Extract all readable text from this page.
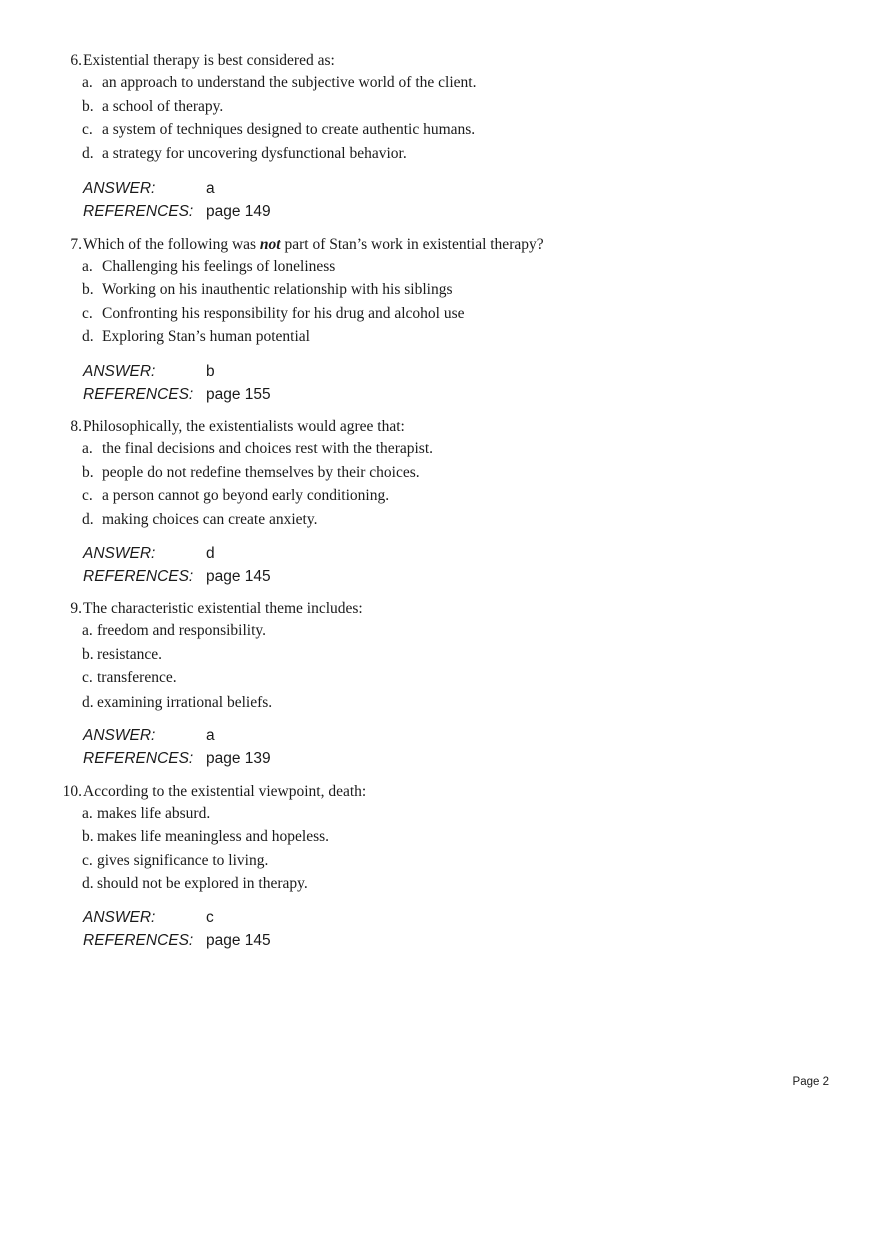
6.Existential therapy is best considered as:
a. an approach to understand the subjective world of the client.
b. a school of therapy.
c. a system of techniques designed to create authentic humans.
d. a strategy for uncovering dysfunctional behavior.
ANSWER:	a
REFERENCES: page 149
7.Which of the following was not part of Stan’s work in existential therapy?
a. Challenging his feelings of loneliness
b. Working on his inauthentic relationship with his siblings
c. Confronting his responsibility for his drug and alcohol use
d. Exploring Stan’s human potential
ANSWER:	b
REFERENCES: page 155
8.Philosophically, the existentialists would agree that:
a. the final decisions and choices rest with the therapist.
b. people do not redefine themselves by their choices.
c. a person cannot go beyond early conditioning.
d. making choices can create anxiety.
ANSWER:	d
REFERENCES: page 145
9.The characteristic existential theme includes:
a. freedom and responsibility.
b. resistance.
c. transference.
d. examining irrational beliefs.
ANSWER:	a
REFERENCES: page 139
10.According to the existential viewpoint, death:
a. makes life absurd.
b. makes life meaningless and hopeless.
c. gives significance to living.
d. should not be explored in therapy.
ANSWER:	c
REFERENCES: page 145
Page 2
